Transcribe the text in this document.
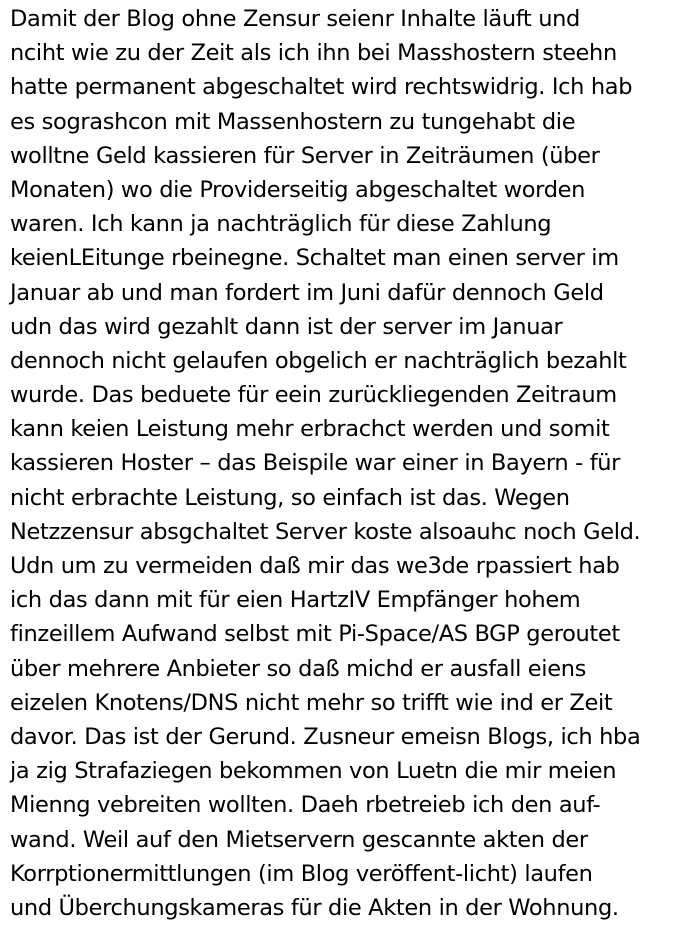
Damit der Blog ohne Zensur seienr Inhalte läuft und
nciht wie zu der Zeit als ich ihn bei Masshostern steehn
hatte permanent abgeschaltet wird rechtswidrig. Ich hab
es sograshcon mit Massenhostern zu tungehabt die
wolltne Geld kassieren für Server in Zeiträumen (über
Monaten) wo die Providerseitig abgeschaltet worden
waren. Ich kann ja nachträglich für diese Zahlung
keienLEitunge rbeinegne. Schaltet man einen server im
Januar ab und man fordert im Juni dafür dennoch Geld
udn das wird gezahlt dann ist der server im Januar
dennoch nicht gelaufen obgelich er nachträglich bezahlt
wurde. Das beduete für eein zurückliegenden Zeitraum
kann keien Leistung mehr erbrachct werden und somit
kassieren Hoster – das Beispile war einer in Bayern - für
nicht erbrachte Leistung, so einfach ist das. Wegen
Netzzensur absgchaltet Server koste alsoauhc noch Geld.
Udn um zu vermeiden daß mir das we3de rpassiert hab
ich das dann mit für eien HartzIV Empfänger hohem
finzeillem Aufwand selbst mit Pi-Space/AS BGP geroutet
über mehrere Anbieter so daß michd er ausfall eiens
eizelen Knotens/DNS nicht mehr so trifft wie ind er Zeit
davor. Das ist der Gerund. Zusneur emeisn Blogs, ich hba
ja zig Strafaziegen bekommen von Luetn die mir meien
Mienng vebreiten wollten. Daeh rbetreieb ich den auf-
wand. Weil auf den Mietservern gescannte akten der
Korrptionermittlungen (im Blog veröffent-licht) laufen
und Überchungskameras für die Akten in der Wohnung.
